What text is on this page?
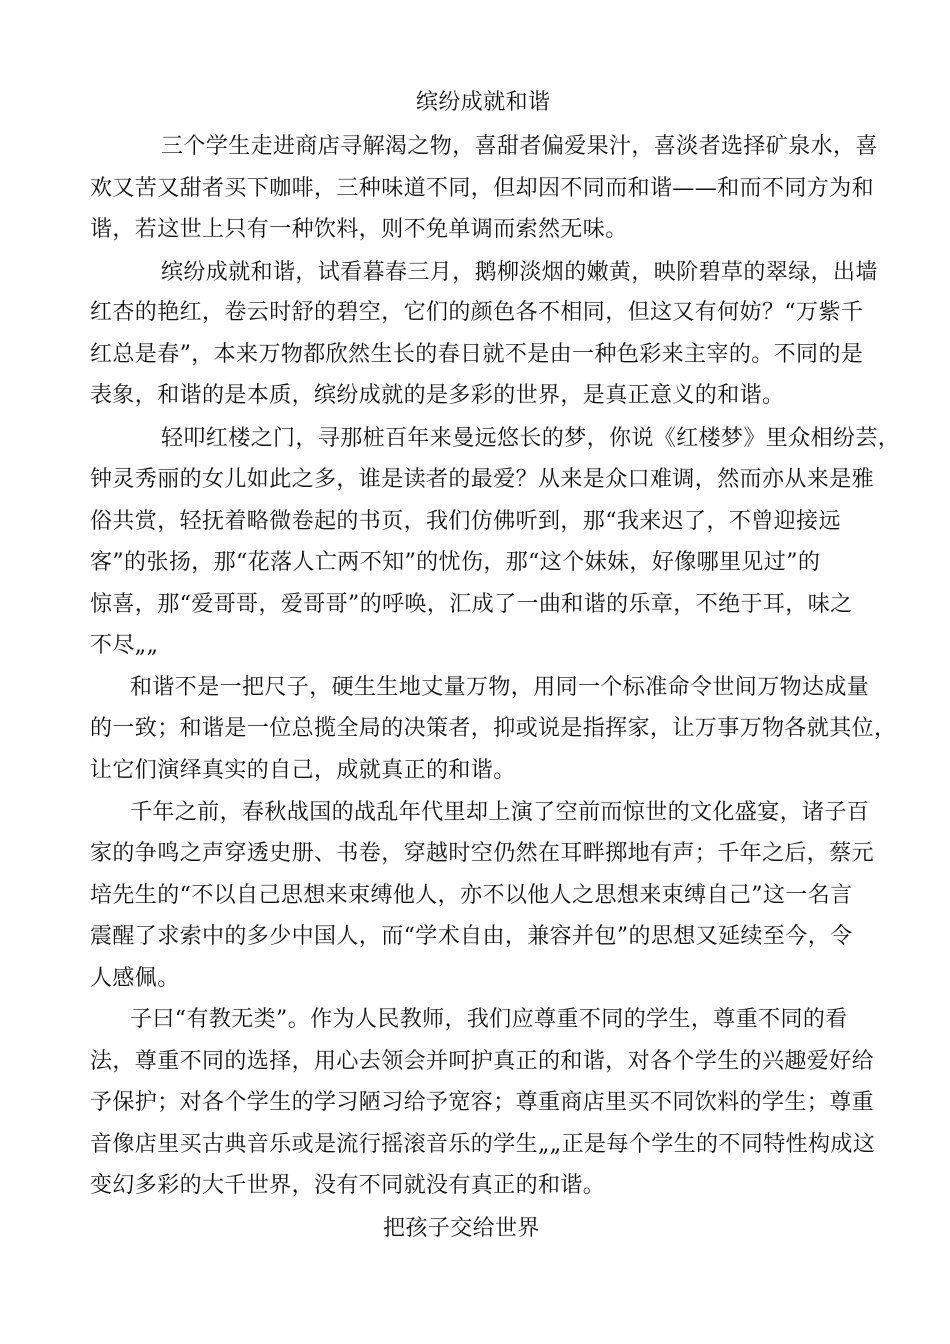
缤纷成就和谐
三个学生走进商店寻解渴之物，喜甜者偏爱果汁，喜淡者选择矿泉水，喜
欢又苦又甜者买下咖啡，三种味道不同，但却因不同而和谐——和而不同方为和
谐，若这世上只有一种饮料，则不免单调而索然无味。
缤纷成就和谐，试看暮春三月，鹅柳淡烟的嫩黄，映阶碧草的翠绿，出墙
红杏的艳红，卷云时舒的碧空，它们的颜色各不相同，但这又有何妨？“万紫千
红总是春”，本来万物都欣然生长的春日就不是由一种色彩来主宰的。不同的是
表象，和谐的是本质，缤纷成就的是多彩的世界，是真正意义的和谐。
轻叩红楼之门，寻那桩百年来曼远悠长的梦，你说《红楼梦》里众相纷芸，
钟灵秀丽的女儿如此之多，谁是读者的最爱？从来是众口难调，然而亦从来是雅
俗共赏，轻抚着略微卷起的书页，我们仿佛听到，那“我来迟了，不曾迎接远
客”的张扬，那“花落人亡两不知”的忧伤，那“这个妹妹，好像哪里见过”的
惊喜，那“爱哥哥，爱哥哥”的呼唤，汇成了一曲和谐的乐章，不绝于耳，味之
不尽„„
和谐不是一把尺子，硬生生地丈量万物，用同一个标准命令世间万物达成量
的一致；和谐是一位总揽全局的决策者，抑或说是指挥家，让万事万物各就其位，
让它们演绎真实的自己，成就真正的和谐。
千年之前，春秋战国的战乱年代里却上演了空前而惊世的文化盛宴，诸子百
家的争鸣之声穿透史册、书卷，穿越时空仍然在耳畔掷地有声；千年之后，蔡元
培先生的“不以自己思想来束缚他人，亦不以他人之思想来束缚自己”这一名言
震醒了求索中的多少中国人，而“学术自由，兼容并包”的思想又延续至今，令
人感佩。
子曰“有教无类”。作为人民教师，我们应尊重不同的学生，尊重不同的看
法，尊重不同的选择，用心去领会并呵护真正的和谐，对各个学生的兴趣爱好给
予保护；对各个学生的学习陋习给予宽容；尊重商店里买不同饮料的学生；尊重
音像店里买古典音乐或是流行摇滚音乐的学生„„正是每个学生的不同特性构成这
变幻多彩的大千世界，没有不同就没有真正的和谐。
把孩子交给世界
